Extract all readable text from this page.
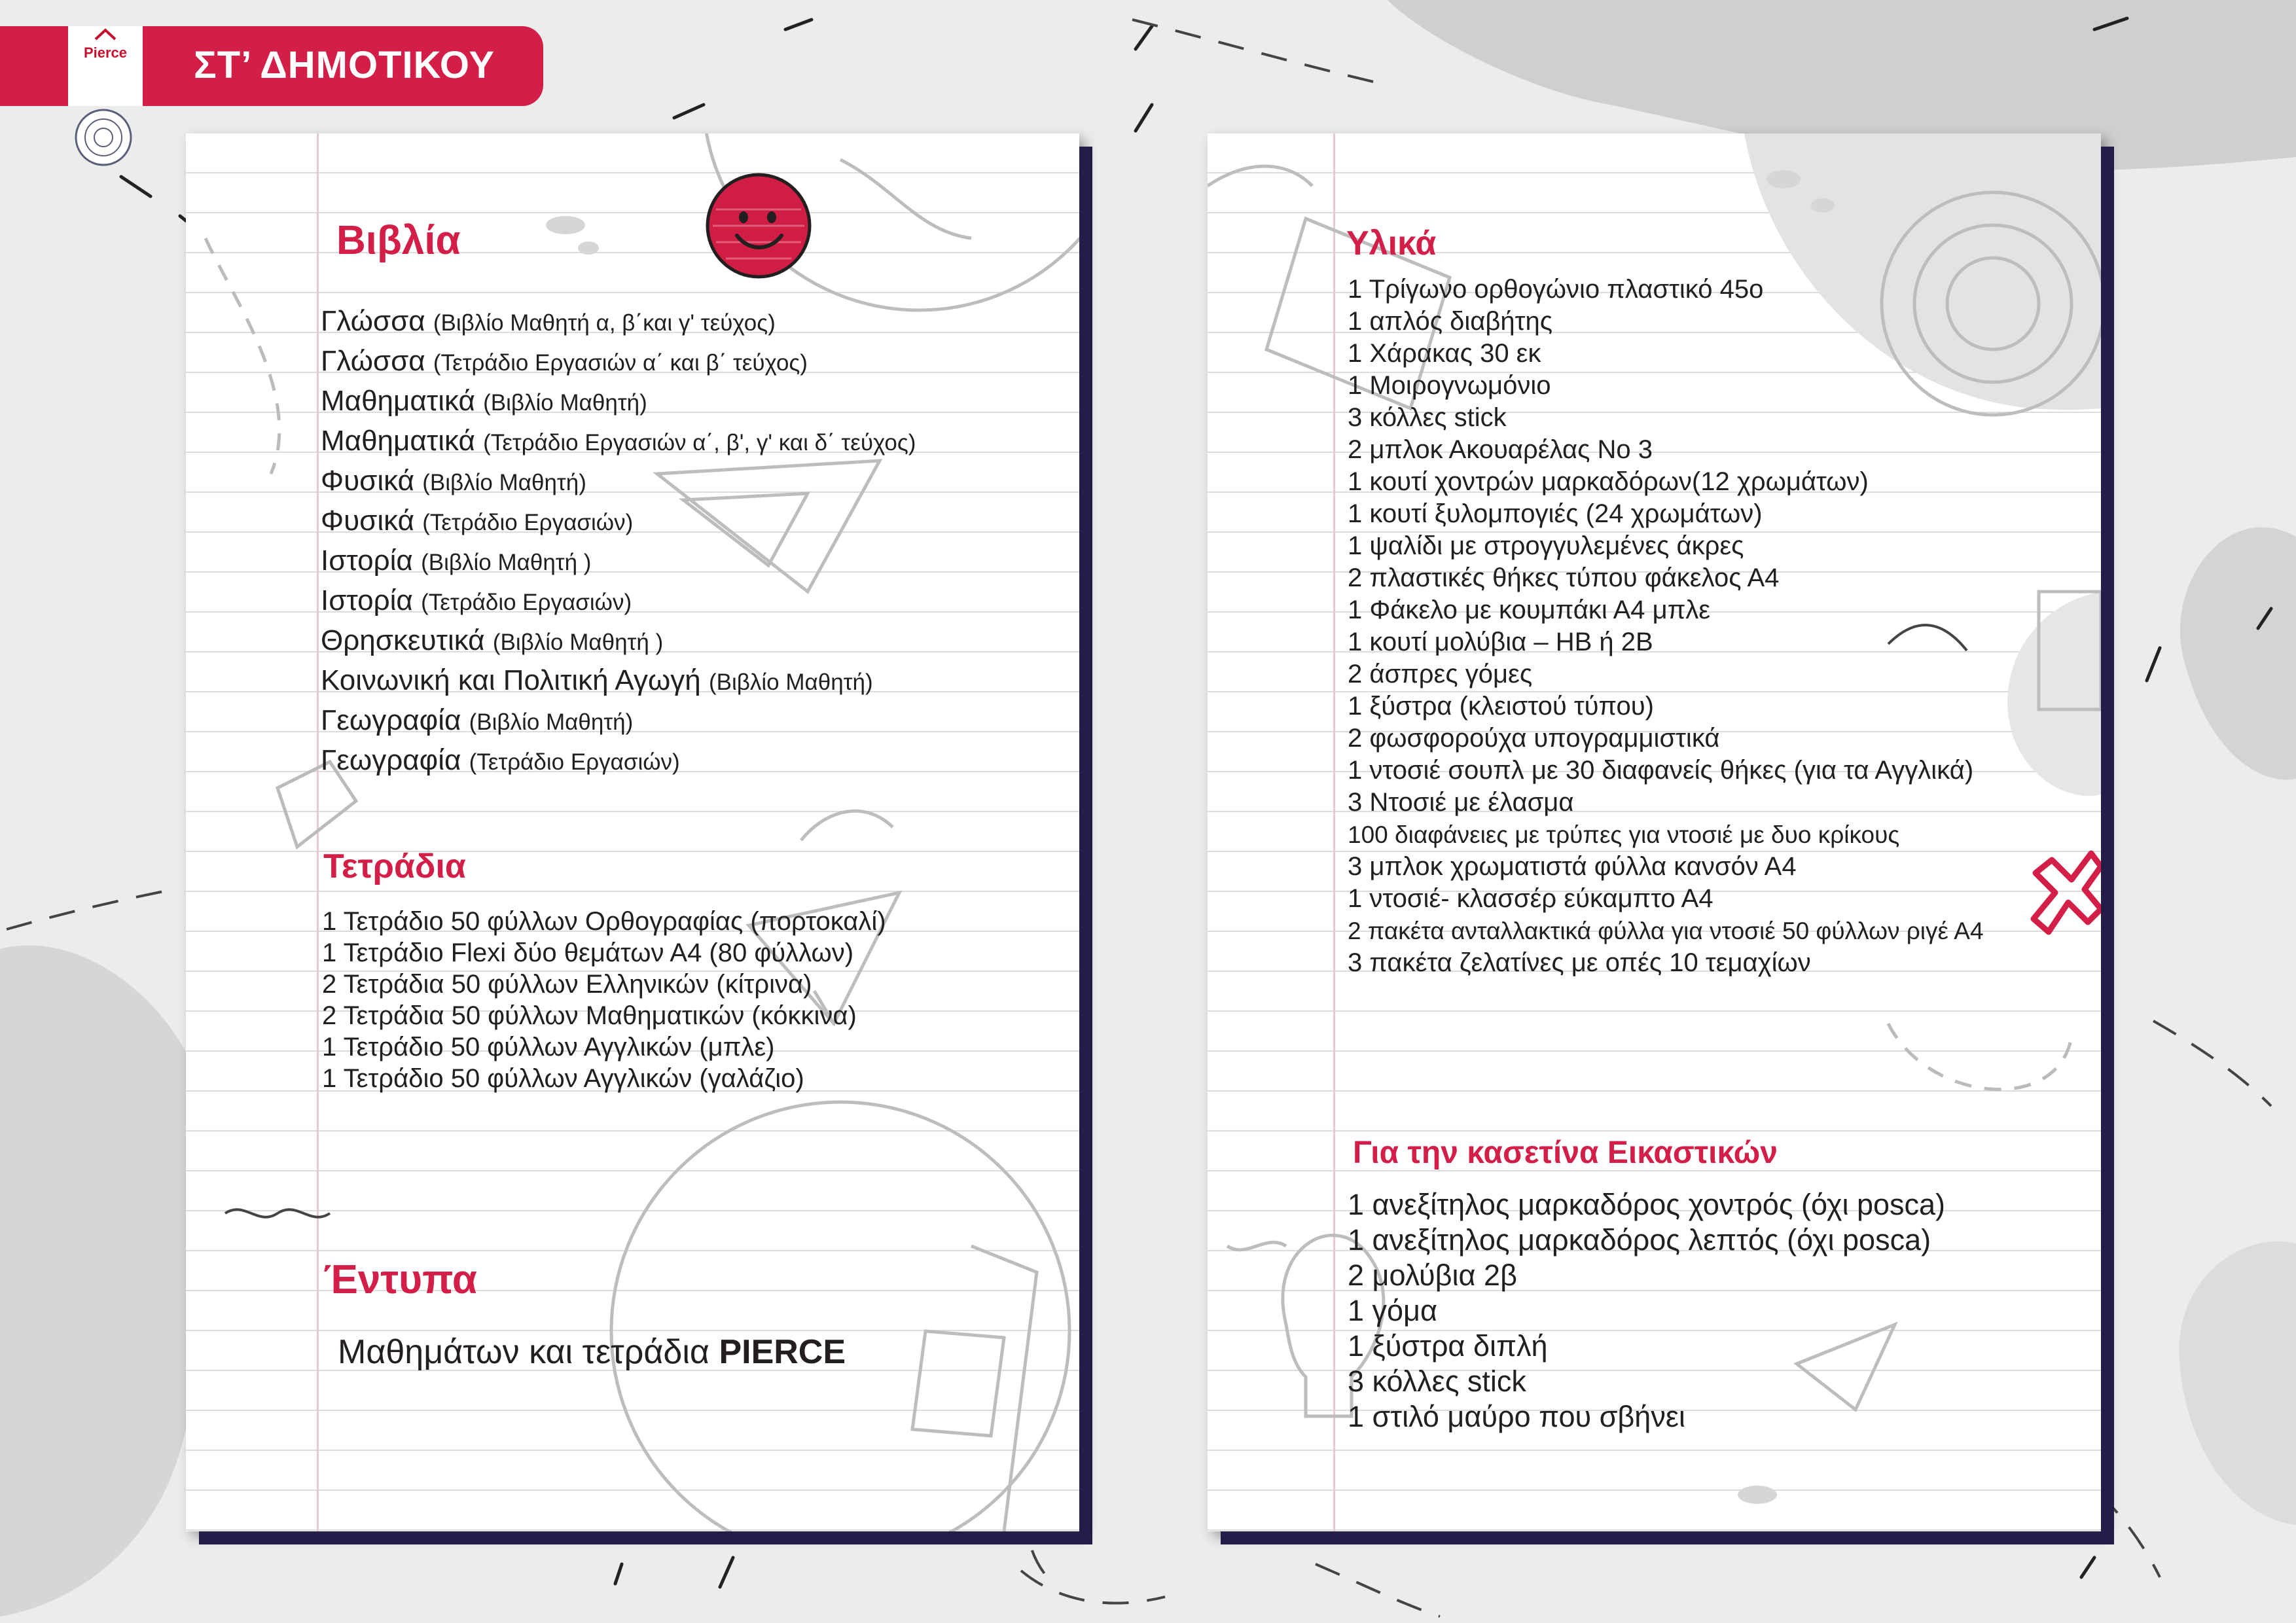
Pierce	ΣΤ’ ΔΗΜΟΤΙΚΟΥ
Βιβλία
Γλώσσα (Βιβλίο Μαθητή α, β΄και γ' τεύχος)
Γλώσσα (Τετράδιο Εργασιών α΄ και β΄ τεύχος)
Μαθηματικά (Βιβλίο Μαθητή)
Μαθηματικά (Τετράδιο Εργασιών α΄, β', γ' και δ΄ τεύχος)
Φυσικά (Βιβλίο Μαθητή)
Φυσικά (Τετράδιο Εργασιών)
Ιστορία (Βιβλίο Μαθητή )
Ιστορία (Τετράδιο Εργασιών)
Θρησκευτικά (Βιβλίο Μαθητή )
Κοινωνική και Πολιτική Αγωγή (Βιβλίο Μαθητή)
Γεωγραφία (Βιβλίο Μαθητή)
Γεωγραφία (Τετράδιο Εργασιών)
Τετράδια
1 Τετράδιο 50 φύλλων Ορθογραφίας (πορτοκαλί)
1 Τετράδιο Flexi δύο θεμάτων Α4 (80 φύλλων)
2 Τετράδια 50 φύλλων Ελληνικών (κίτρινα)
2 Τετράδια 50 φύλλων Μαθηματικών (κόκκινα)
1 Τετράδιο 50 φύλλων Αγγλικών (μπλε)
1 Τετράδιο 50 φύλλων Αγγλικών (γαλάζιο)
Έντυπα
Μαθημάτων και τετράδια PIERCE
Υλικά
1 Τρίγωνο ορθογώνιο πλαστικό 45ο
1 απλός διαβήτης
1 Χάρακας 30 εκ
1 Μοιρογνωμόνιο
3 κόλλες stick
2 μπλοκ Ακουαρέλας Νο 3
1 κουτί χοντρών μαρκαδόρων(12 χρωμάτων)
1 κουτί ξυλομπογιές (24 χρωμάτων)
1 ψαλίδι με στρογγυλεμένες άκρες
2 πλαστικές θήκες τύπου φάκελος Α4
1 Φάκελο με κουμπάκι Α4 μπλε
1 κουτί μολύβια – ΗΒ ή 2Β
2 άσπρες γόμες
1 ξύστρα (κλειστού τύπου)
2 φωσφορούχα υπογραμμιστικά
1 ντοσιέ σουπλ με 30 διαφανείς θήκες (για τα Αγγλικά)
3 Ντοσιέ με έλασμα
100 διαφάνειες με τρύπες για ντοσιέ με δυο κρίκους
3 μπλοκ χρωματιστά φύλλα κανσόν Α4
1 ντοσιέ- κλασσέρ εύκαμπτο Α4
2 πακέτα ανταλλακτικά φύλλα για ντοσιέ 50 φύλλων ριγέ Α4
3 πακέτα ζελατίνες με οπές 10 τεμαχίων
Για την κασετίνα Εικαστικών
1 ανεξίτηλος μαρκαδόρος χοντρός (όχι posca)
1 ανεξίτηλος μαρκαδόρος λεπτός (όχι posca)
2 μολύβια 2β
1 γόμα
1 ξύστρα διπλή
3 κόλλες stick
1 στιλό μαύρο που σβήνει
